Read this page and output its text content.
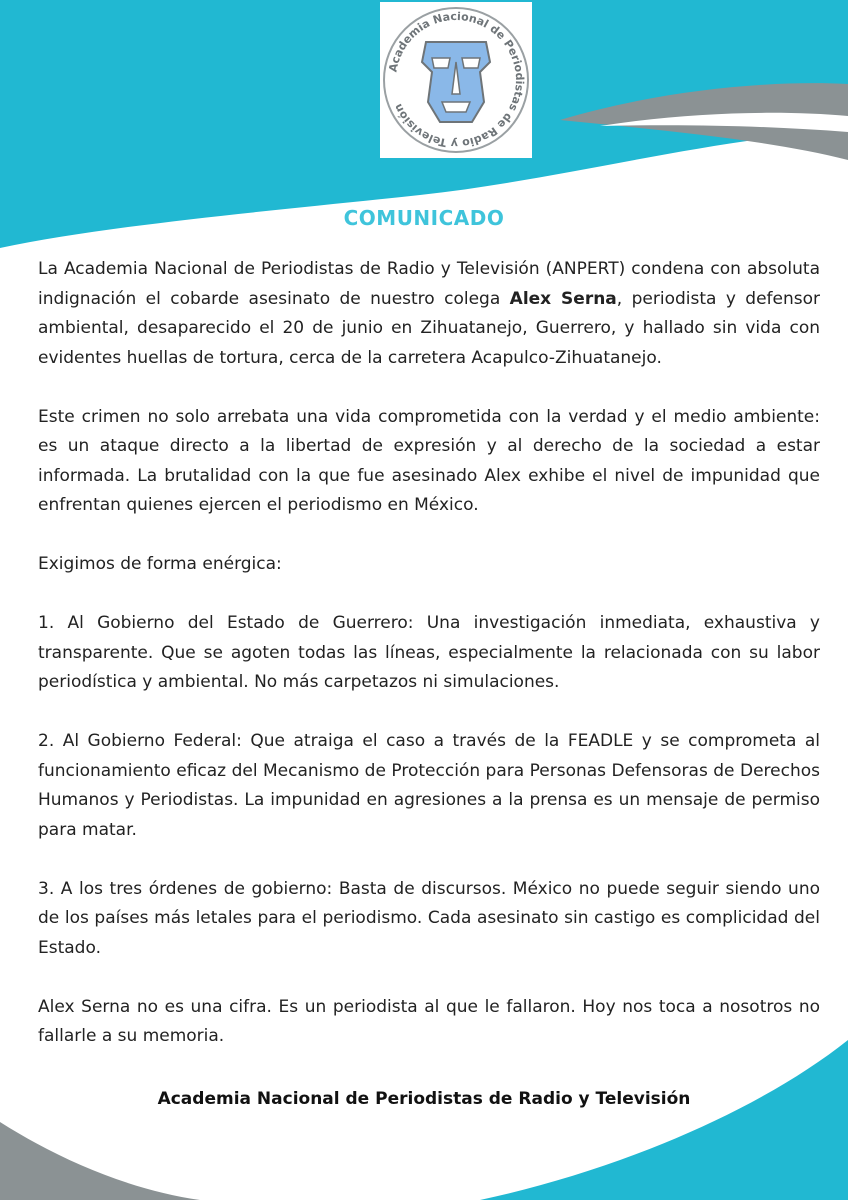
Academia Nacional de Periodistas de Radio y Televisión
COMUNICADO

La Academia Nacional de Periodistas de Radio y Televisión (ANPERT) condena con absoluta indignación el cobarde asesinato de nuestro colega Alex Serna, periodista y defensor ambiental, desaparecido el 20 de junio en Zihuatanejo, Guerrero, y hallado sin vida con evidentes huellas de tortura, cerca de la carretera Acapulco-Zihuatanejo.

Este crimen no solo arrebata una vida comprometida con la verdad y el medio ambiente: es un ataque directo a la libertad de expresión y al derecho de la sociedad a estar informada. La brutalidad con la que fue asesinado Alex exhibe el nivel de impunidad que enfrentan quienes ejercen el periodismo en México.

Exigimos de forma enérgica:

1. Al Gobierno del Estado de Guerrero: Una investigación inmediata, exhaustiva y transparente. Que se agoten todas las líneas, especialmente la relacionada con su labor periodística y ambiental. No más carpetazos ni simulaciones.

2. Al Gobierno Federal: Que atraiga el caso a través de la FEADLE y se comprometa al funcionamiento eficaz del Mecanismo de Protección para Personas Defensoras de Derechos Humanos y Periodistas. La impunidad en agresiones a la prensa es un mensaje de permiso para matar.

3. A los tres órdenes de gobierno: Basta de discursos. México no puede seguir siendo uno de los países más letales para el periodismo. Cada asesinato sin castigo es complicidad del Estado.

Alex Serna no es una cifra. Es un periodista al que le fallaron. Hoy nos toca a nosotros no fallarle a su memoria.

Academia Nacional de Periodistas de Radio y Televisión
